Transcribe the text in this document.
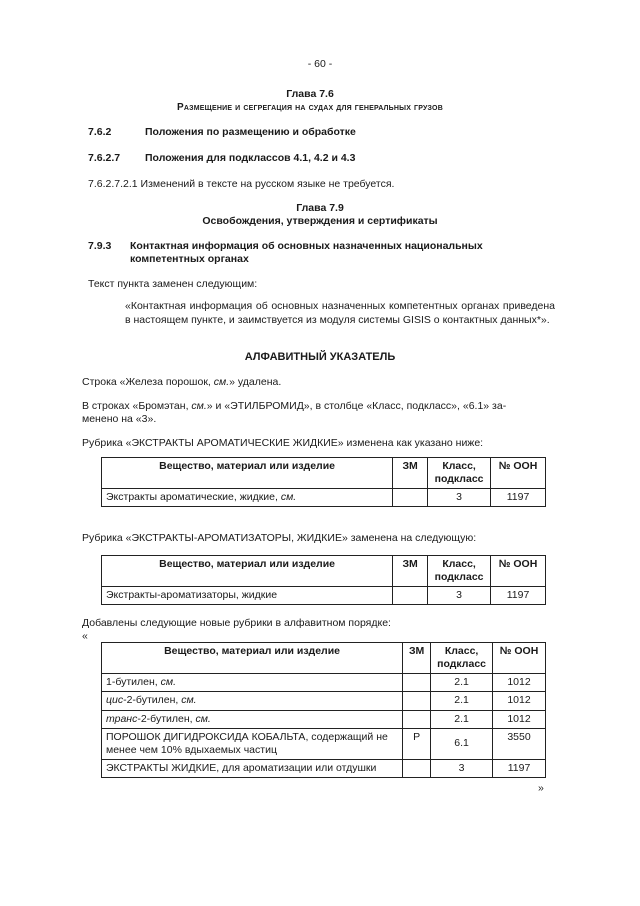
- 60 -
Глава 7.6
Размещение и сегрегация на судах для генеральных грузов
7.6.2	Положения по размещению и обработке
7.6.2.7 Положения для подклассов 4.1, 4.2 и 4.3
7.6.2.7.2.1 Изменений в тексте на русском языке не требуется.
Глава 7.9
Освобождения, утверждения и сертификаты
7.9.3 Контактная информация об основных назначенных национальных
компетентных органах
Текст пункта заменен следующим:
«Контактная информация об основных назначенных компетентных органах приведена в настоящем пункте, и заимствуется из модуля системы GISIS о контактных данных*».
АЛФАВИТНЫЙ УКАЗАТЕЛЬ
Строка «Железа порошок, см.» удалена.
В строках «Бромэтан, см.» и «ЭТИЛБРОМИД», в столбце «Класс, подкласс», «6.1» за-
менено на «3».
Рубрика «ЭКСТРАКТЫ АРОМАТИЧЕСКИЕ ЖИДКИЕ» изменена как указано ниже:
Вещество, материал или изделие	ЗМ	Класс,
подкласс	№ ООН
Экстракты ароматические, жидкие, см.		3	1197
Рубрика «ЭКСТРАКТЫ-АРОМАТИЗАТОРЫ, ЖИДКИЕ» заменена на следующую:
Вещество, материал или изделие	ЗМ	Класс,
подкласс	№ ООН
Экстракты-ароматизаторы, жидкие		3	1197
Добавлены следующие новые рубрики в алфавитном порядке:
«
Вещество, материал или изделие	ЗМ	Класс,
подкласс	№ ООН
1-бутилен, см.		2.1	1012
цис-2-бутилен, см.		2.1	1012
транс-2-бутилен, см.		2.1	1012
ПОРОШОК ДИГИДРОКСИДА КОБАЛЬТА, содержащий не менее чем 10% вдыхаемых частиц	Р	6.1	3550
ЭКСТРАКТЫ ЖИДКИЕ, для ароматизации или отдушки		3	1197
»
